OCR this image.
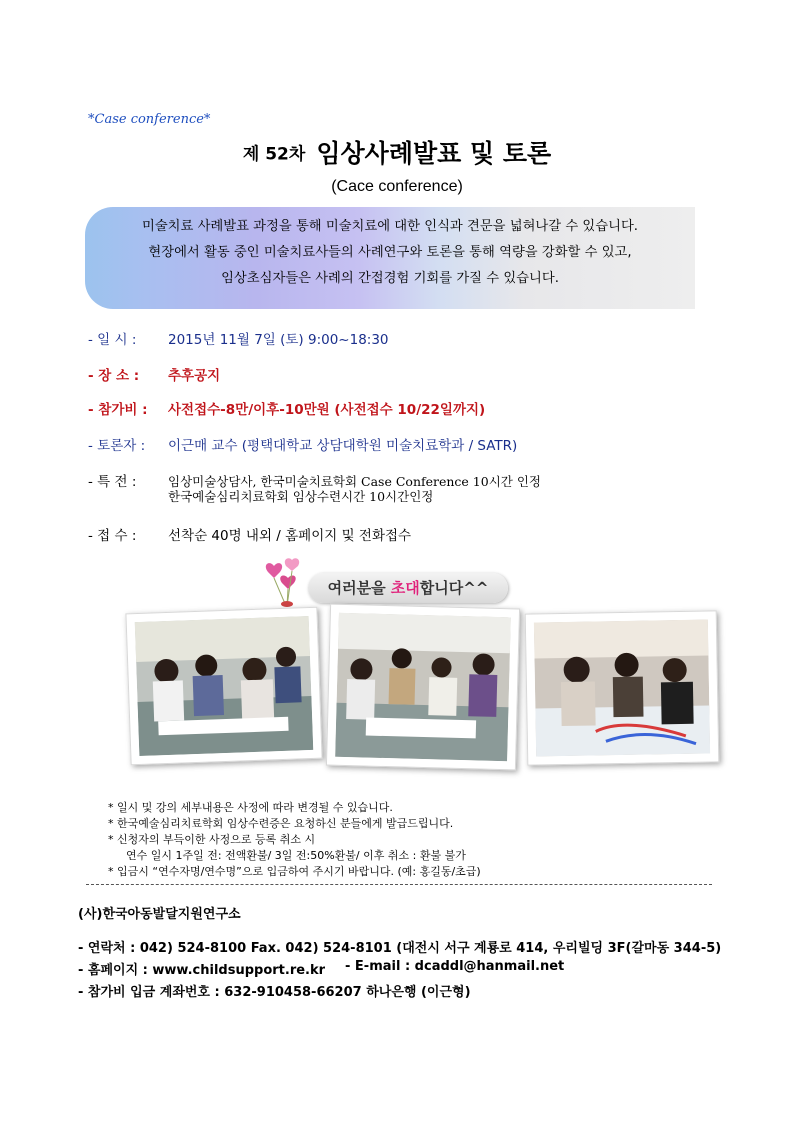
*Case conference*
제 52차 임상사례발표 및 토론
(Cace conference)
미술치료 사례발표 과정을 통해 미술치료에 대한 인식과 견문을 넓혀나갈 수 있습니다.
현장에서 활동 중인 미술치료사들의 사례연구와 토론을 통해 역량을 강화할 수 있고,
임상초심자들은 사례의 간접경험 기회를 가질 수 있습니다.
- 일 시 : 2015년 11월 7일 (토) 9:00~18:30
- 장 소 : 추후공지
- 참가비 : 사전접수-8만/이후-10만원 (사전접수 10/22일까지)
- 토론자 : 이근매 교수 (평택대학교 상담대학원 미술치료학과 / SATR)
- 특 전 :	임상미술상담사, 한국미술치료학회 Case Conference 10시간 인정
한국예술심리치료학회 임상수련시간 10시간인정
- 접 수 : 선착순 40명 내외 / 홈페이지 및 전화접수
여러분을 초대합니다^^
* 일시 및 강의 세부내용은 사정에 따라 변경될 수 있습니다.
* 한국예술심리치료학회 임상수련증은 요청하신 분들에게 발급드립니다.
* 신청자의 부득이한 사정으로 등록 취소 시
연수 일시 1주일 전: 전액환불/ 3일 전:50%환불/ 이후 취소 : 환불 불가
* 입금시 “연수자명/연수명”으로 입금하여 주시기 바랍니다. (예: 홍길동/초급)
(사)한국아동발달지원연구소
- 연락처 : 042) 524-8100 Fax. 042) 524-8101 (대전시 서구 계룡로 414, 우리빌딩 3F(갈마동 344-5)
- 홈페이지 : www.childsupport.re.kr - E-mail : dcaddl@hanmail.net
- 참가비 입금 계좌번호 : 632-910458-66207 하나은행 (이근형)
